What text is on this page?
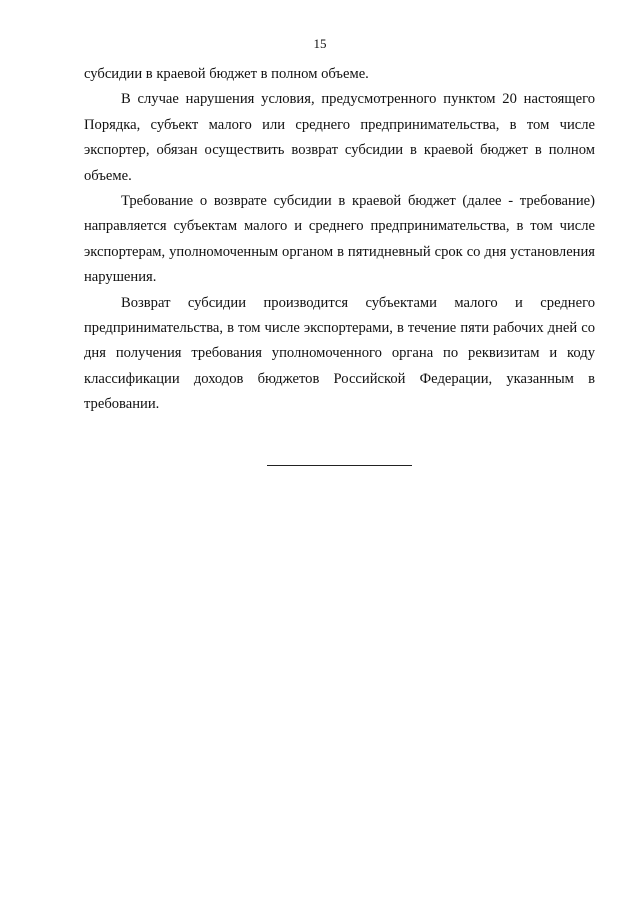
15

субсидии в краевой бюджет в полном объеме.

В случае нарушения условия, предусмотренного пунктом 20 настоящего Порядка, субъект малого или среднего предпринимательства, в том числе экспортер, обязан осуществить возврат субсидии в краевой бюджет в полном объеме.

Требование о возврате субсидии в краевой бюджет (далее - требование) направляется субъектам малого и среднего предпринимательства, в том числе экспортерам, уполномоченным органом в пятидневный срок со дня установления нарушения.

Возврат субсидии производится субъектами малого и среднего предпринимательства, в том числе экспортерами, в течение пяти рабочих дней со дня получения требования уполномоченного органа по реквизитам и коду классификации доходов бюджетов Российской Федерации, указанным в требовании.
